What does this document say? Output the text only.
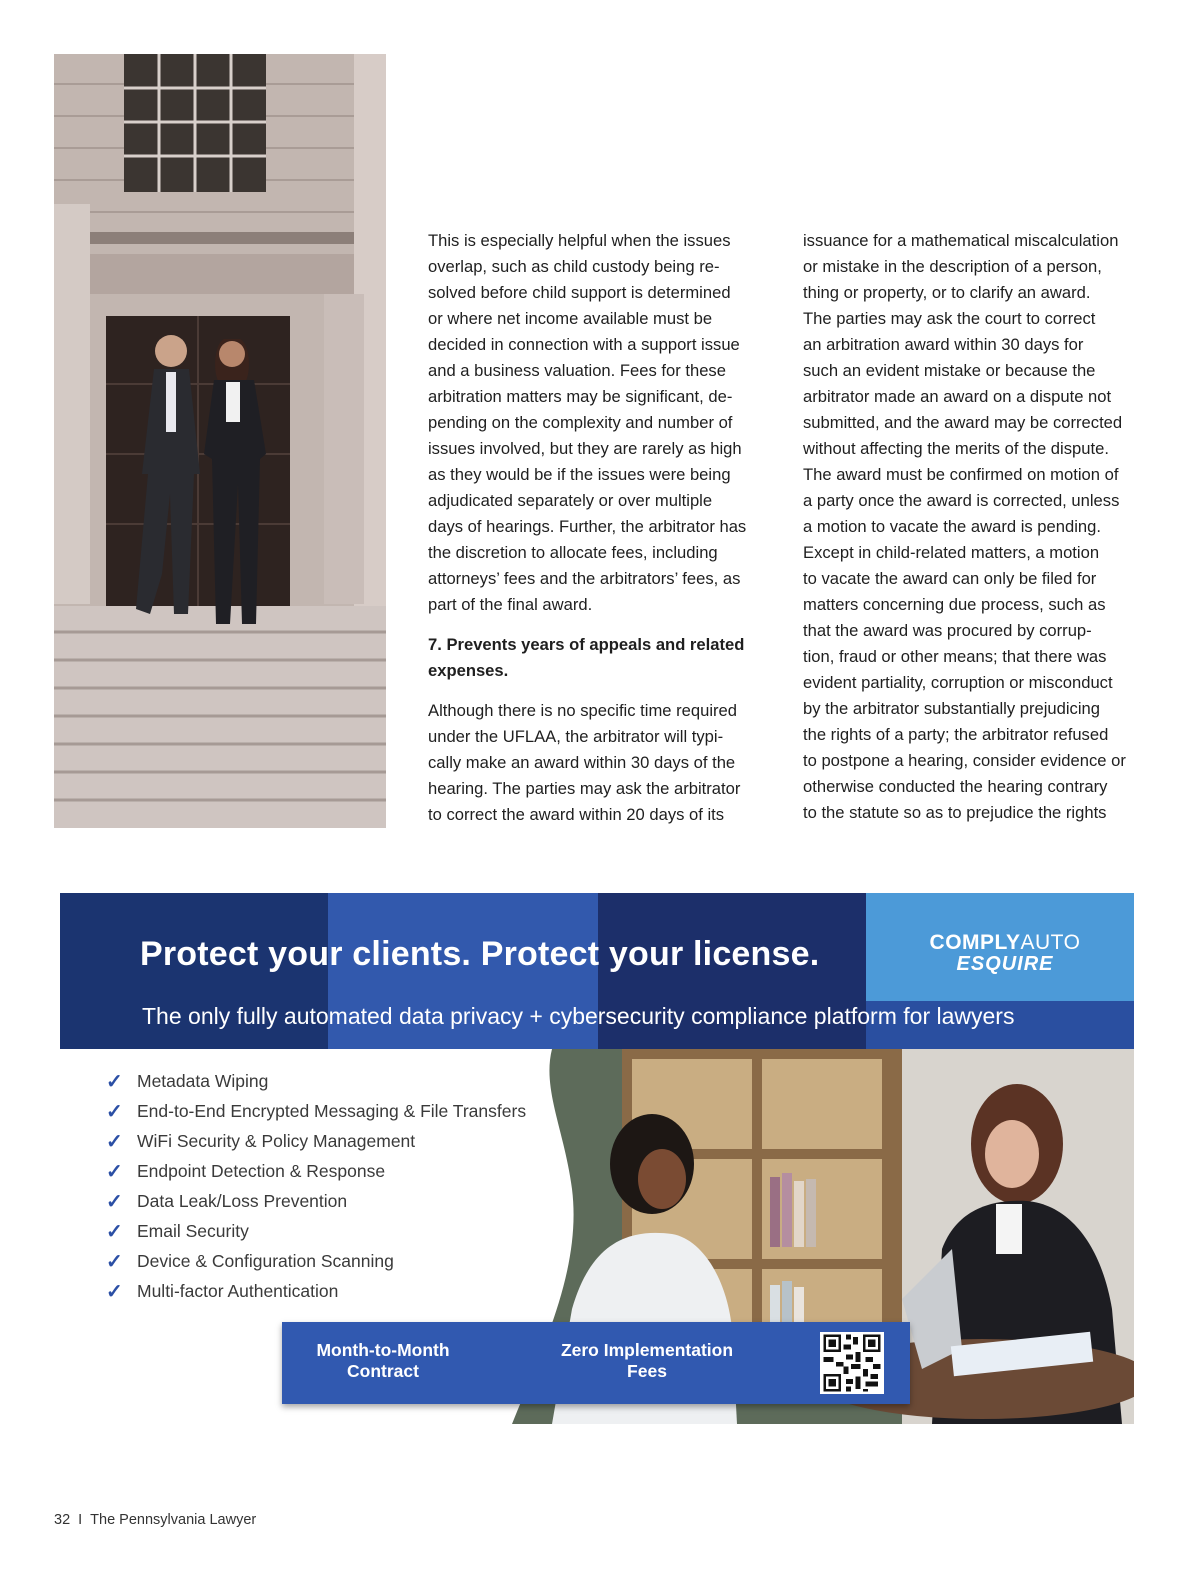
This is especially helpful when the issues
overlap, such as child custody being re-
solved before child support is determined
or where net income available must be
decided in connection with a support issue
and a business valuation. Fees for these
arbitration matters may be significant, de-
pending on the complexity and number of
issues involved, but they are rarely as high
as they would be if the issues were being
adjudicated separately or over multiple
days of hearings. Further, the arbitrator has
the discretion to allocate fees, including
attorneys’ fees and the arbitrators’ fees, as
part of the final award.

7. Prevents years of appeals and related
expenses.

Although there is no specific time required
under the UFLAA, the arbitrator will typi-
cally make an award within 30 days of the
hearing. The parties may ask the arbitrator
to correct the award within 20 days of its

issuance for a mathematical miscalculation
or mistake in the description of a person,
thing or property, or to clarify an award.
The parties may ask the court to correct
an arbitration award within 30 days for
such an evident mistake or because the
arbitrator made an award on a dispute not
submitted, and the award may be corrected
without affecting the merits of the dispute.
The award must be confirmed on motion of
a party once the award is corrected, unless
a motion to vacate the award is pending.
Except in child-related matters, a motion
to vacate the award can only be filed for
matters concerning due process, such as
that the award was procured by corrup-
tion, fraud or other means; that there was
evident partiality, corruption or misconduct
by the arbitrator substantially prejudicing
the rights of a party; the arbitrator refused
to postpone a hearing, consider evidence or
otherwise conducted the hearing contrary
to the statute so as to prejudice the rights

Protect your clients. Protect your license.
The only fully automated data privacy + cybersecurity compliance platform for lawyers
COMPLYAUTO
ESQUIRE
✓ Metadata Wiping
✓ End-to-End Encrypted Messaging & File Transfers
✓ WiFi Security & Policy Management
✓ Endpoint Detection & Response
✓ Data Leak/Loss Prevention
✓ Email Security
✓ Device & Configuration Scanning
✓ Multi-factor Authentication
Month-to-Month
Contract
Zero Implementation
Fees
32 I The Pennsylvania Lawyer
